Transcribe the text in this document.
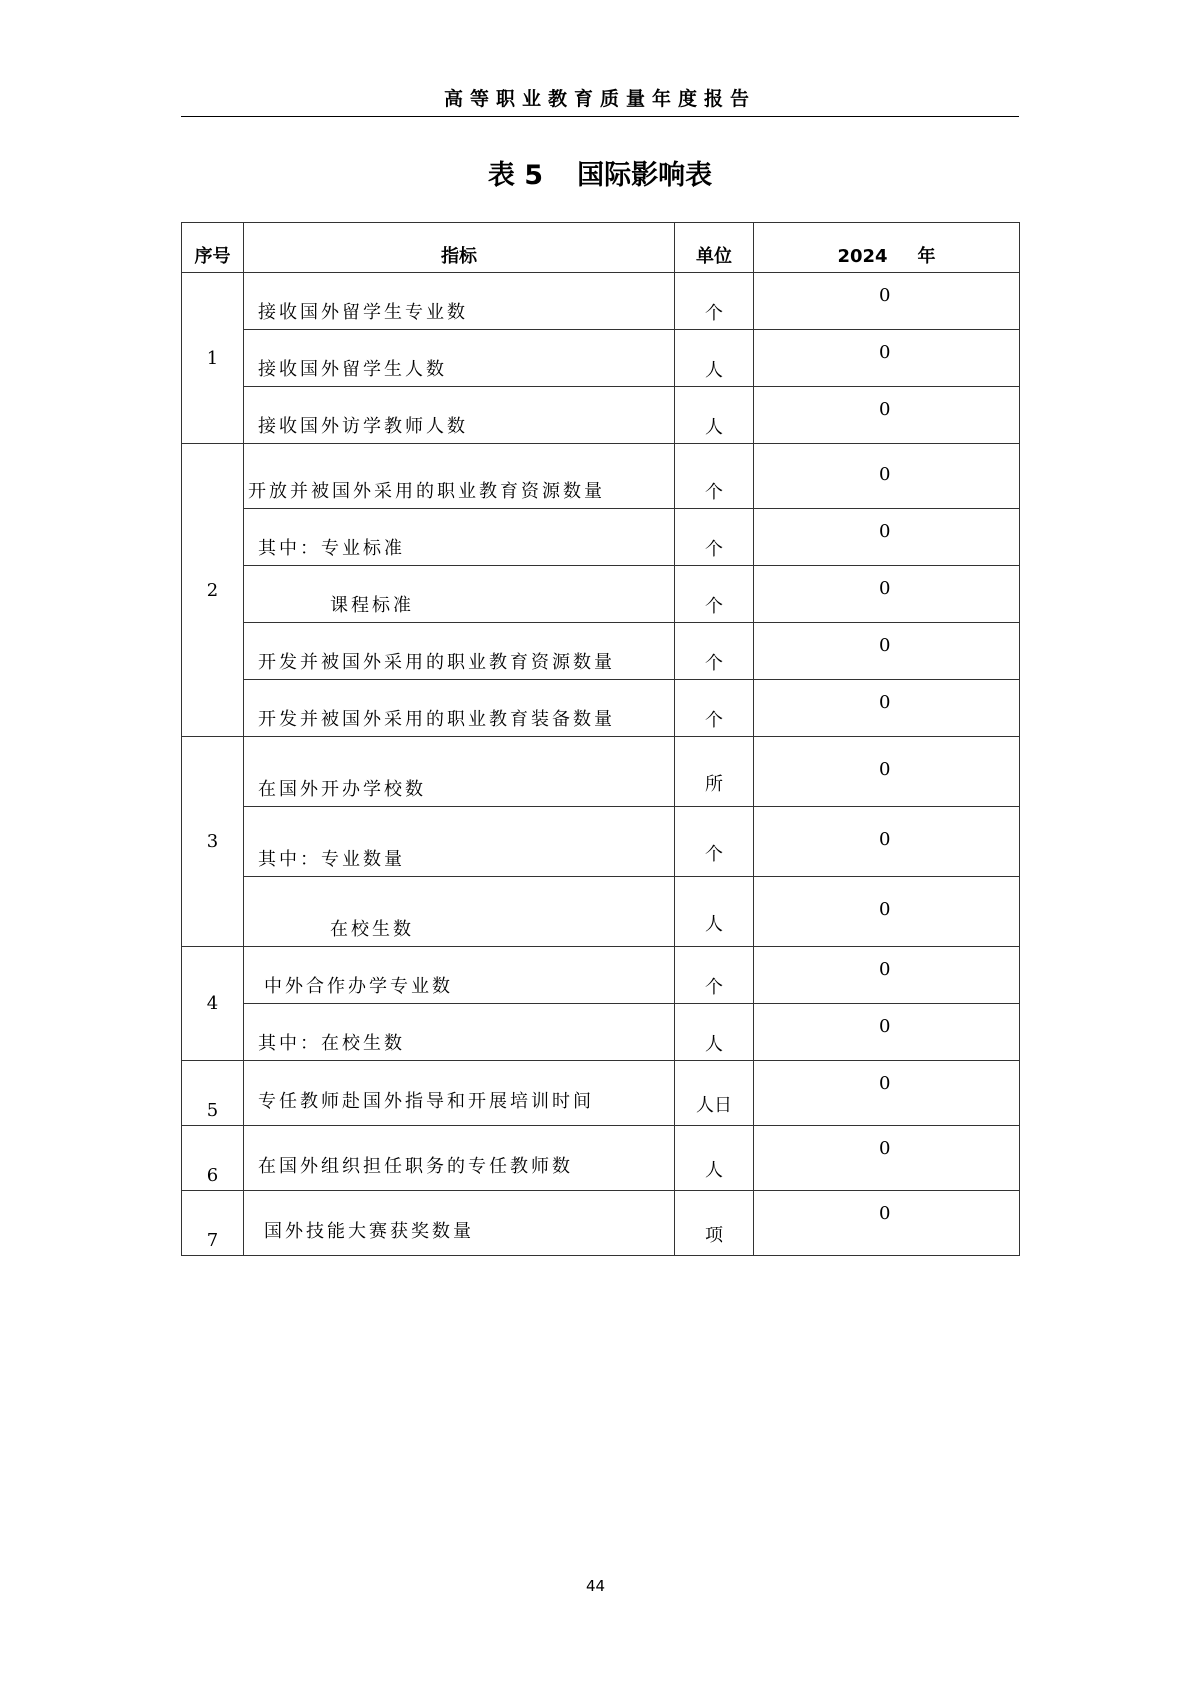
高等职业教育质量年度报告
表 5 国际影响表
序号	指标	单位	2024 年
1	接收国外留学生专业数	个	0
	接收国外留学生人数	人	0
	接收国外访学教师人数	人	0
2	开放并被国外采用的职业教育资源数量	个	0
	其中：专业标准	个	0
	课程标准	个	0
	开发并被国外采用的职业教育资源数量	个	0
	开发并被国外采用的职业教育装备数量	个	0
3	在国外开办学校数	所	0
	其中：专业数量	个	0
	在校生数	人	0
4	中外合作办学专业数	个	0
	其中：在校生数	人	0
5	专任教师赴国外指导和开展培训时间	人日	0
6	在国外组织担任职务的专任教师数	人	0
7	国外技能大赛获奖数量	项	0
44
